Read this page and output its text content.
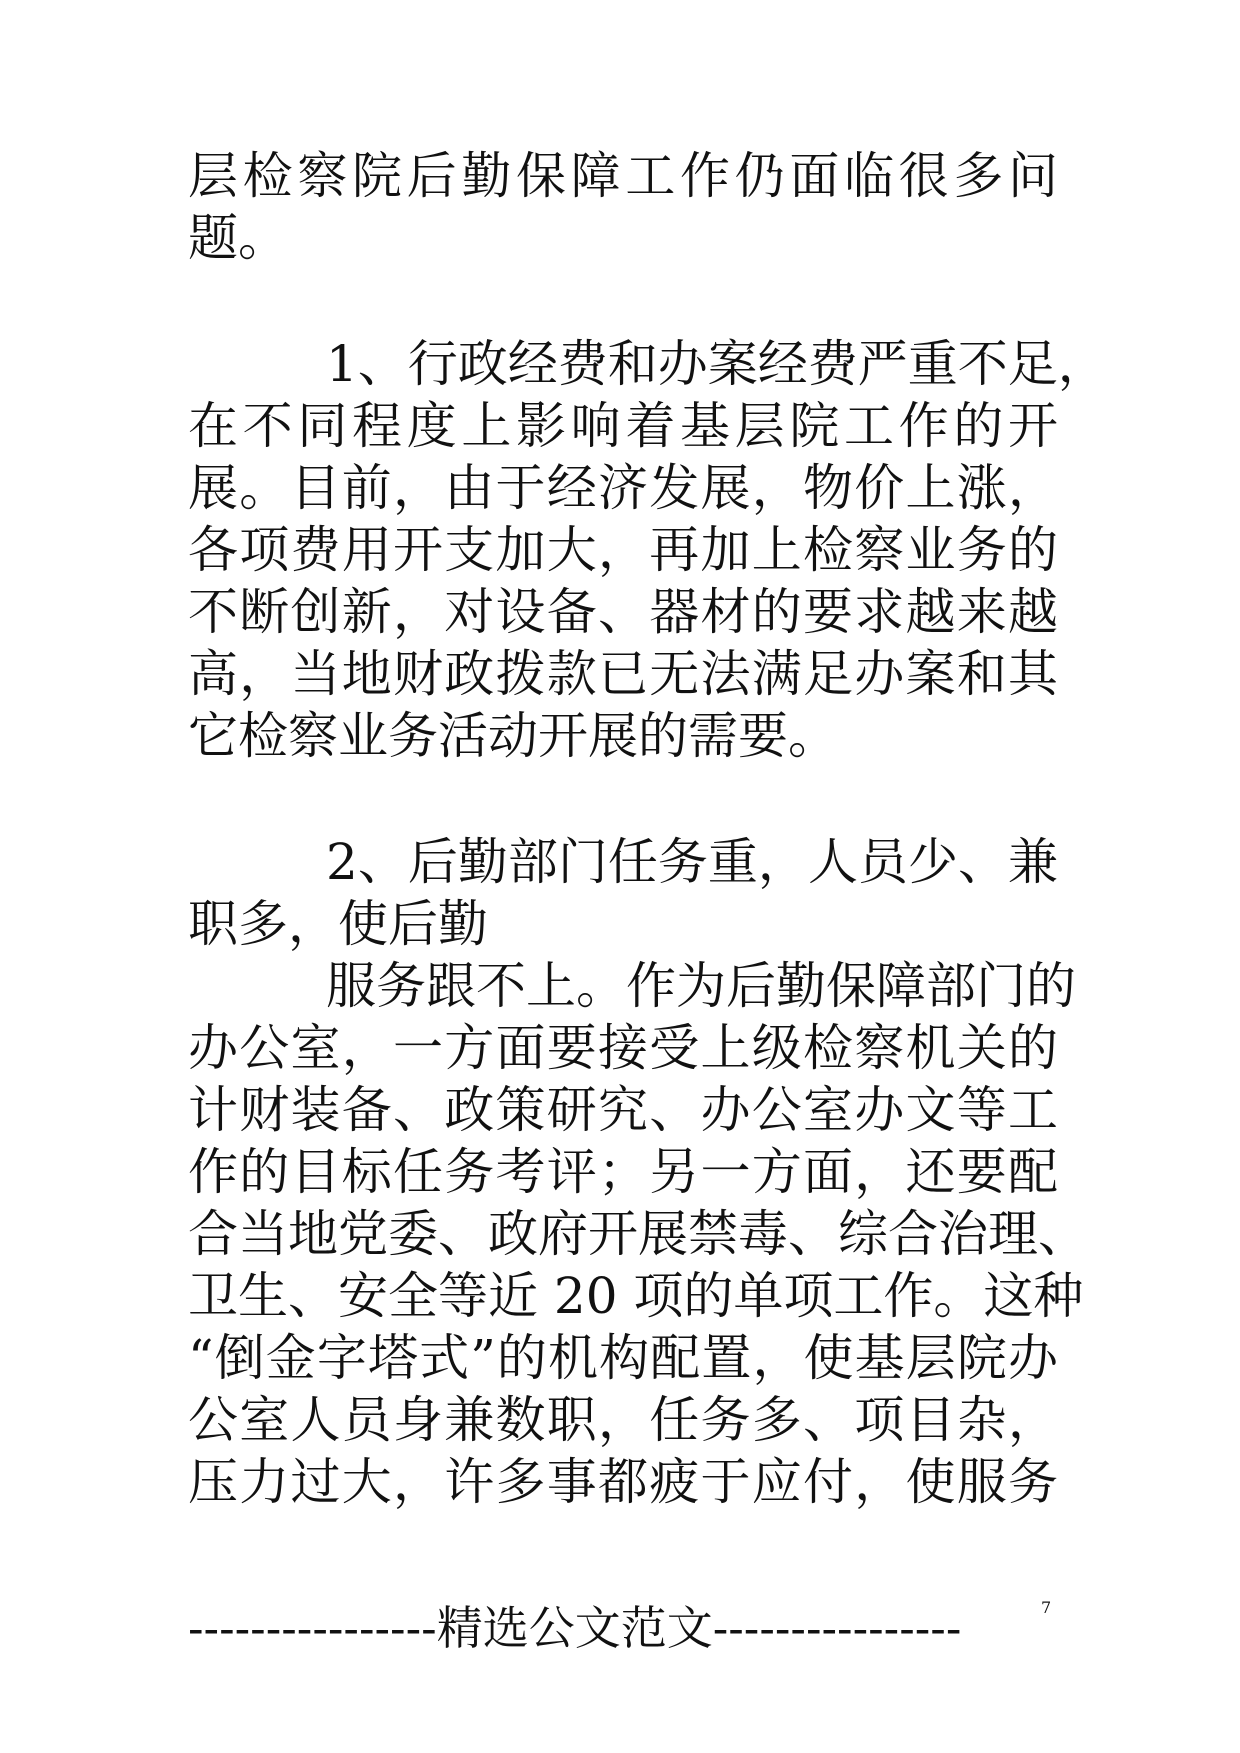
层检察院后勤保障工作仍面临很多问
题。
1、行政经费和办案经费严重不足，
在不同程度上影响着基层院工作的开
展。目前，由于经济发展，物价上涨，
各项费用开支加大，再加上检察业务的
不断创新，对设备、器材的要求越来越
高，当地财政拨款已无法满足办案和其
它检察业务活动开展的需要。
2、后勤部门任务重，人员少、兼
职多，使后勤
服务跟不上。作为后勤保障部门的
办公室，一方面要接受上级检察机关的
计财装备、政策研究、办公室办文等工
作的目标任务考评；另一方面，还要配
合当地党委、政府开展禁毒、综合治理、
卫生、安全等近 20 项的单项工作。这种
“倒金字塔式”的机构配置，使基层院办
公室人员身兼数职，任务多、项目杂，
压力过大，许多事都疲于应付，使服务
----------------精选公文范文----------------	7
